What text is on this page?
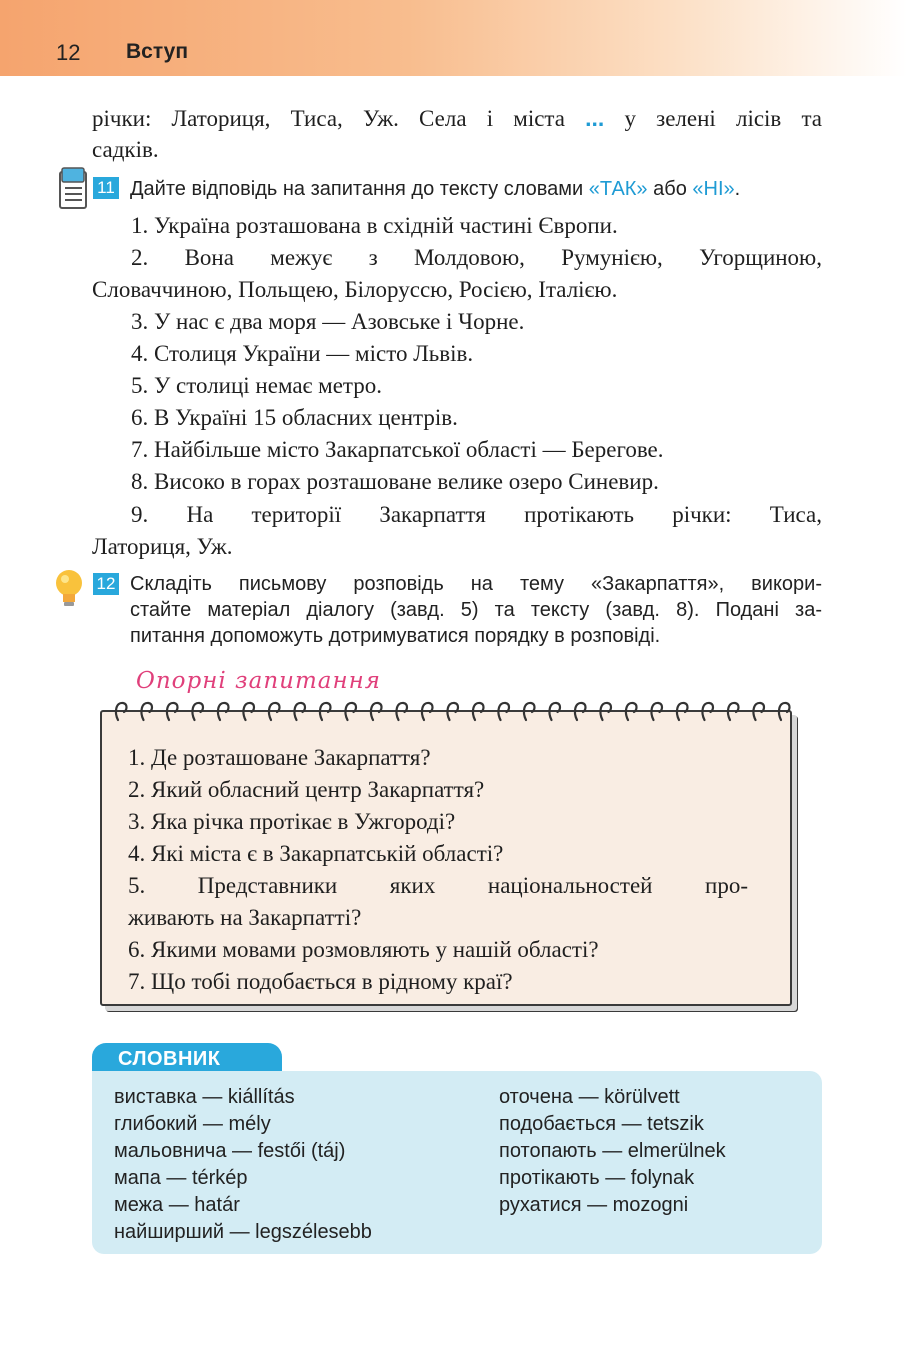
12 Вступ
річки: Латориця, Тиса, Уж. Села і міста ... у зелені лісів та
садків.
11 Дайте відповідь на запитання до тексту словами «ТАК» або «НІ».
1. Україна розташована в східній частині Європи.
2. Вона межує з Молдовою, Румунією, Угорщиною,
Словаччиною, Польщею, Білоруссю, Росією, Італією.
3. У нас є два моря — Азовське і Чорне.
4. Столиця України — місто Львів.
5. У столиці немає метро.
6. В Україні 15 обласних центрів.
7. Найбільше місто Закарпатської області — Берегове.
8. Високо в горах розташоване велике озеро Синевир.
9. На території Закарпаття протікають річки: Тиса,
Латориця, Уж.
12 Складіть письмову розповідь на тему «Закарпаття», викори-
стайте матеріал діалогу (завд. 5) та тексту (завд. 8). Подані за-
питання допоможуть дотримуватися порядку в розповіді.
Опорні запитання
1. Де розташоване Закарпаття?
2. Який обласний центр Закарпаття?
3. Яка річка протікає в Ужгороді?
4. Які міста є в Закарпатській області?
5. Представники яких національностей про-
живають на Закарпатті?
6. Якими мовами розмовляють у нашій області?
7. Що тобі подобається в рідному краї?
СЛОВНИК
виставка — kiállítás
глибокий — mély
мальовнича — festői (táj)
мапа — térkép
межа — határ
найширший — legszélesebb
оточена — körülvett
подобається — tetszik
потопають — elmerülnek
протікають — folynak
рухатися — mozogni
